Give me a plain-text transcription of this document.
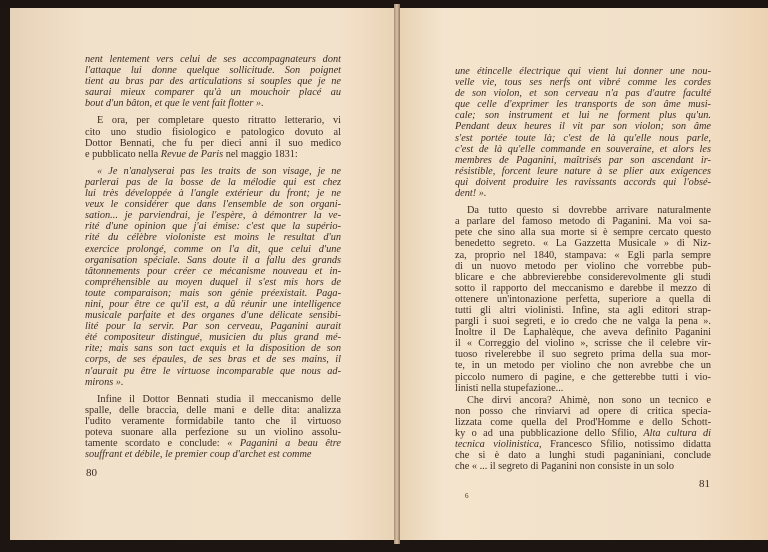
nent lentement vers celui de ses accompagnateurs dont
l'attaque lui donne quelque sollicitude. Son poignet
tient au bras par des articulations si souples que je ne
saurai mieux comparer qu'à un mouchoir placé au
bout d'un bâton, et que le vent fait flotter ».
E ora, per completare questo ritratto letterario, vi
cito uno studio fisiologico e patologico dovuto al
Dottor Bennati, che fu per dieci anni il suo medico
e pubblicato nella Revue de Paris nel maggio 1831:
« Je n'analyserai pas les traits de son visage, je ne
parlerai pas de la bosse de la mélodie qui est chez
lui très développée à l'angle extérieur du front; je ne
veux le considérer que dans l'ensemble de son organi-
sation... je parviendrai, je l'espère, à démontrer la ve-
rité d'une opinion que j'ai émise: c'est que la supério-
rité du célèbre violoniste est moins le resultat d'un
exercice prolongé, comme on l'a dit, que celui d'une
organisation spéciale. Sans doute il a fallu des grands
tâtonnements pour créer ce mécanisme nouveau et in-
compréhensible au moyen duquel il s'est mis hors de
toute comparaison; mais son génie préexistait. Paga-
nini, pour être ce qu'il est, a dû réunir une intelligence
musicale parfaite et des organes d'une délicate sensibi-
lité pour la servir. Par son cerveau, Paganini aurait
été compositeur distingué, musicien du plus grand mé-
rite; mais sans son tact exquis et la disposition de son
corps, de ses épaules, de ses bras et de ses mains, il
n'aurait pu être le virtuose incomparable que nous ad-
mirons ».
Infine il Dottor Bennati studia il meccanismo delle
spalle, delle braccia, delle mani e delle dita: analizza
l'udito veramente formidabile tanto che il virtuoso
poteva suonare alla perfezione su un violino assolu-
tamente scordato e conclude: « Paganini a beau être
souffrant et débile, le premier coup d'archet est comme
80
une étincelle électrique qui vient lui donner une nou-
velle vie, tous ses nerfs ont vibré comme les cordes
de son violon, et son cerveau n'a pas d'autre faculté
que celle d'exprimer les transports de son âme musi-
cale; son instrument et lui ne forment plus qu'un.
Pendant deux heures il vit par son violon; son âme
s'est portée toute là; c'est de là qu'elle nous parle,
c'est de là qu'elle commande en souveraine, et alors les
membres de Paganini, maîtrisés par son ascendant ir-
résistible, forcent leure nature à se plier aux exigences
qui doivent produire les ravissants accords qui l'obsé-
dent! ».
Da tutto questo si dovrebbe arrivare naturalmente
a parlare del famoso metodo di Paganini. Ma voi sa-
pete che sino alla sua morte si è sempre cercato questo
benedetto segreto. « La Gazzetta Musicale » di Niz-
za, proprio nel 1840, stampava: « Egli parla sempre
di un nuovo metodo per violino che vorrebbe pub-
blicare e che abbrevierebbe considerevolmente gli studi
sotto il rapporto del meccanismo e darebbe il mezzo di
ottenere un'intonazione perfetta, superiore a quella di
tutti gli altri violinisti. Infine, sta agli editori strap-
pargli i suoi segreti, e io credo che ne valga la pena ».
Inoltre il De Laphalèque, che aveva definito Paganini
il « Correggio del violino », scrisse che il celebre vir-
tuoso rivelerebbe il suo segreto prima della sua mor-
te, in un metodo per violino che non avrebbe che un
piccolo numero di pagine, e che getterebbe tutti i vio-
linisti nella stupefazione...
Che dirvi ancora? Ahimè, non sono un tecnico e
non posso che rinviarvi ad opere di critica specia-
lizzata come quella del Prod'Homme e dello Schott-
ky o ad una pubblicazione dello Sfilio, Alta cultura di
tecnica violinistica, Francesco Sfilio, notissimo didatta
che si è dato a lunghi studi paganiniani, conclude
che « ... il segreto di Paganini non consiste in un solo
81
6
